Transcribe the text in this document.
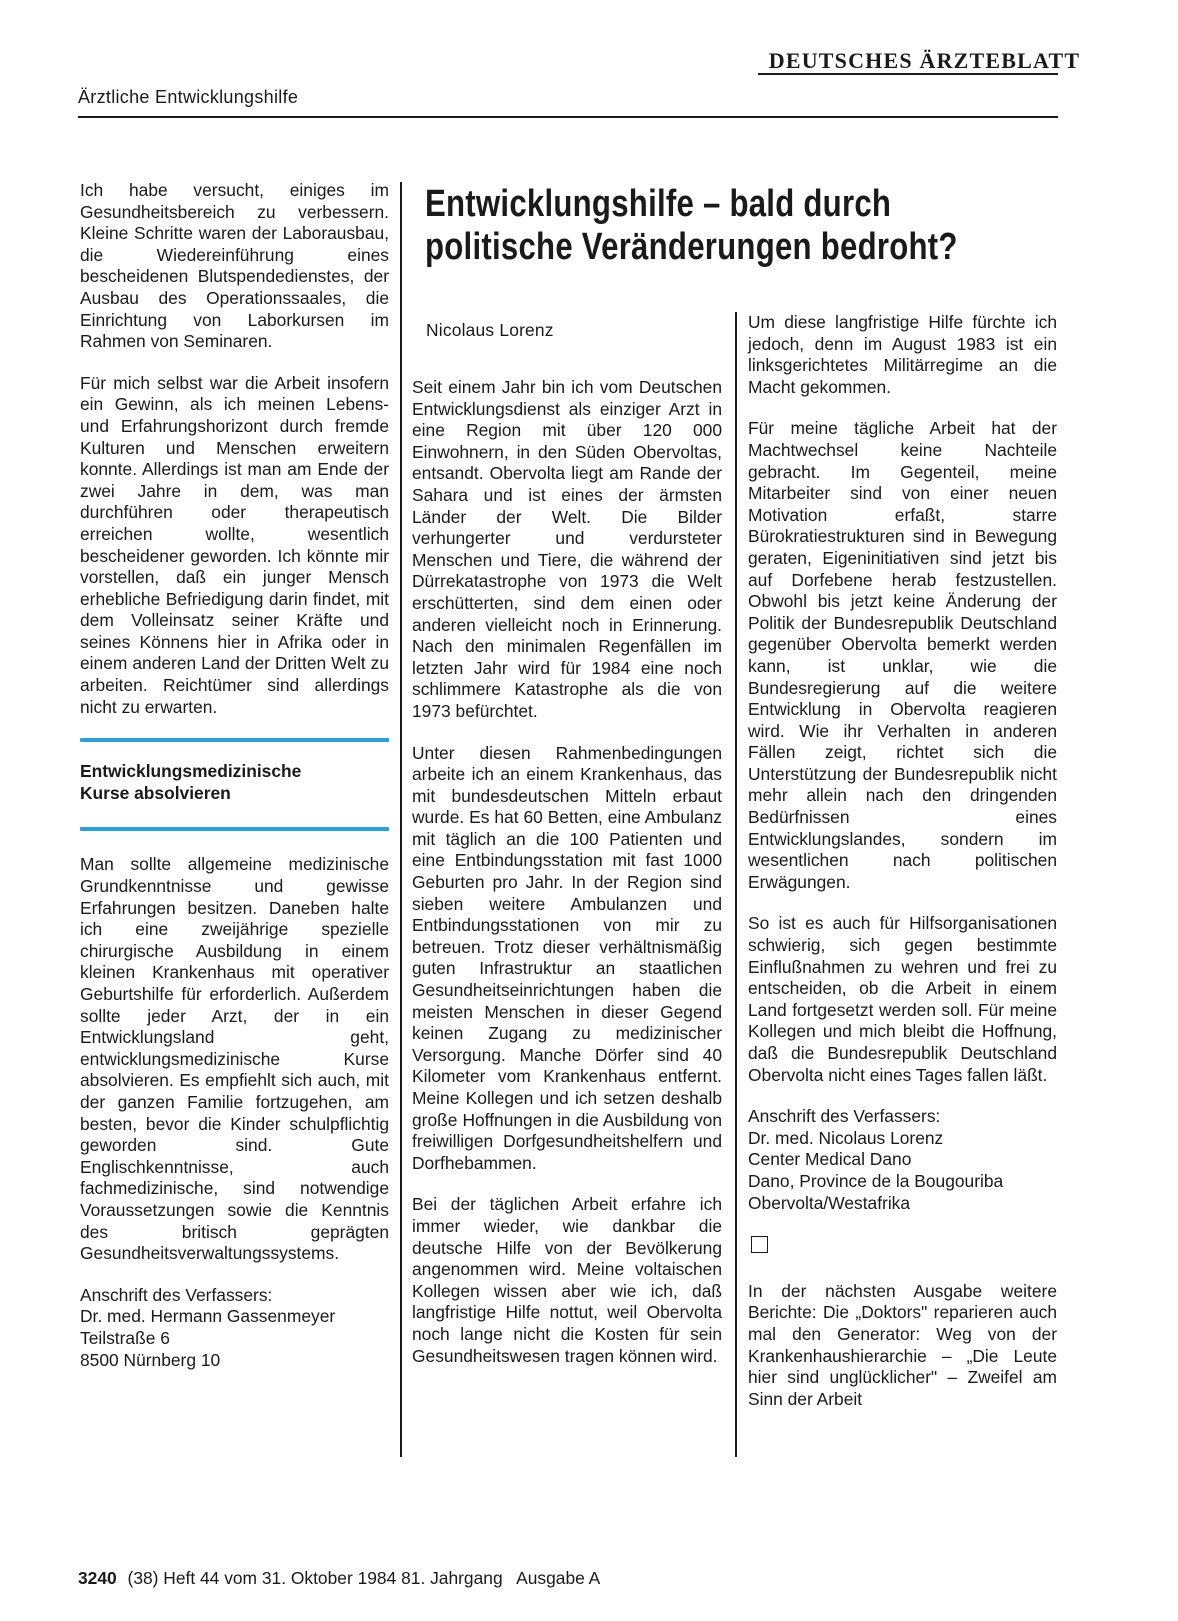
DEUTSCHES ÄRZTEBLATT
Ärztliche Entwicklungshilfe

Ich habe versucht, einiges im Gesundheitsbereich zu verbessern. Kleine Schritte waren der Laborausbau, die Wiedereinführung eines bescheidenen Blutspendedienstes, der Ausbau des Operationssaales, die Einrichtung von Laborkursen im Rahmen von Seminaren.

Für mich selbst war die Arbeit insofern ein Gewinn, als ich meinen Lebens- und Erfahrungshorizont durch fremde Kulturen und Menschen erweitern konnte. Allerdings ist man am Ende der zwei Jahre in dem, was man durchführen oder therapeutisch erreichen wollte, wesentlich bescheidener geworden. Ich könnte mir vorstellen, daß ein junger Mensch erhebliche Befriedigung darin findet, mit dem Volleinsatz seiner Kräfte und seines Könnens hier in Afrika oder in einem anderen Land der Dritten Welt zu arbeiten. Reichtümer sind allerdings nicht zu erwarten.

Entwicklungsmedizinische
Kurse absolvieren

Man sollte allgemeine medizinische Grundkenntnisse und gewisse Erfahrungen besitzen. Daneben halte ich eine zweijährige spezielle chirurgische Ausbildung in einem kleinen Krankenhaus mit operativer Geburtshilfe für erforderlich. Außerdem sollte jeder Arzt, der in ein Entwicklungsland geht, entwicklungsmedizinische Kurse absolvieren. Es empfiehlt sich auch, mit der ganzen Familie fortzugehen, am besten, bevor die Kinder schulpflichtig geworden sind. Gute Englischkenntnisse, auch fachmedizinische, sind notwendige Voraussetzungen sowie die Kenntnis des britisch geprägten Gesundheitsverwaltungssystems.

Anschrift des Verfassers:
Dr. med. Hermann Gassenmeyer
Teilstraße 6
8500 Nürnberg 10
Entwicklungshilfe – bald durch
politische Veränderungen bedroht?
Nicolaus Lorenz

Seit einem Jahr bin ich vom Deutschen Entwicklungsdienst als einziger Arzt in eine Region mit über 120 000 Einwohnern, in den Süden Obervoltas, entsandt. Obervolta liegt am Rande der Sahara und ist eines der ärmsten Länder der Welt. Die Bilder verhungerter und verdursteter Menschen und Tiere, die während der Dürrekatastrophe von 1973 die Welt erschütterten, sind dem einen oder anderen vielleicht noch in Erinnerung. Nach den minimalen Regenfällen im letzten Jahr wird für 1984 eine noch schlimmere Katastrophe als die von 1973 befürchtet.

Unter diesen Rahmenbedingungen arbeite ich an einem Krankenhaus, das mit bundesdeutschen Mitteln erbaut wurde. Es hat 60 Betten, eine Ambulanz mit täglich an die 100 Patienten und eine Entbindungsstation mit fast 1000 Geburten pro Jahr. In der Region sind sieben weitere Ambulanzen und Entbindungsstationen von mir zu betreuen. Trotz dieser verhältnismäßig guten Infrastruktur an staatlichen Gesundheitseinrichtungen haben die meisten Menschen in dieser Gegend keinen Zugang zu medizinischer Versorgung. Manche Dörfer sind 40 Kilometer vom Krankenhaus entfernt. Meine Kollegen und ich setzen deshalb große Hoffnungen in die Ausbildung von freiwilligen Dorfgesundheitshelfern und Dorfhebammen.

Bei der täglichen Arbeit erfahre ich immer wieder, wie dankbar die deutsche Hilfe von der Bevölkerung angenommen wird. Meine voltaischen Kollegen wissen aber wie ich, daß langfristige Hilfe nottut, weil Obervolta noch lange nicht die Kosten für sein Gesundheitswesen tragen können wird.

Um diese langfristige Hilfe fürchte ich jedoch, denn im August 1983 ist ein linksgerichtetes Militärregime an die Macht gekommen.

Für meine tägliche Arbeit hat der Machtwechsel keine Nachteile gebracht. Im Gegenteil, meine Mitarbeiter sind von einer neuen Motivation erfaßt, starre Bürokratiestrukturen sind in Bewegung geraten, Eigeninitiativen sind jetzt bis auf Dorfebene herab festzustellen. Obwohl bis jetzt keine Änderung der Politik der Bundesrepublik Deutschland gegenüber Obervolta bemerkt werden kann, ist unklar, wie die Bundesregierung auf die weitere Entwicklung in Obervolta reagieren wird. Wie ihr Verhalten in anderen Fällen zeigt, richtet sich die Unterstützung der Bundesrepublik nicht mehr allein nach den dringenden Bedürfnissen eines Entwicklungslandes, sondern im wesentlichen nach politischen Erwägungen.

So ist es auch für Hilfsorganisationen schwierig, sich gegen bestimmte Einflußnahmen zu wehren und frei zu entscheiden, ob die Arbeit in einem Land fortgesetzt werden soll. Für meine Kollegen und mich bleibt die Hoffnung, daß die Bundesrepublik Deutschland Obervolta nicht eines Tages fallen läßt.

Anschrift des Verfassers:
Dr. med. Nicolaus Lorenz
Center Medical Dano
Dano, Province de la Bougouriba
Obervolta/Westafrika

In der nächsten Ausgabe weitere Berichte: Die „Doktors" reparieren auch mal den Generator: Weg von der Krankenhaushierarchie – „Die Leute hier sind unglücklicher" – Zweifel am Sinn der Arbeit

3240 (38) Heft 44 vom 31. Oktober 1984 81. Jahrgang   Ausgabe A
